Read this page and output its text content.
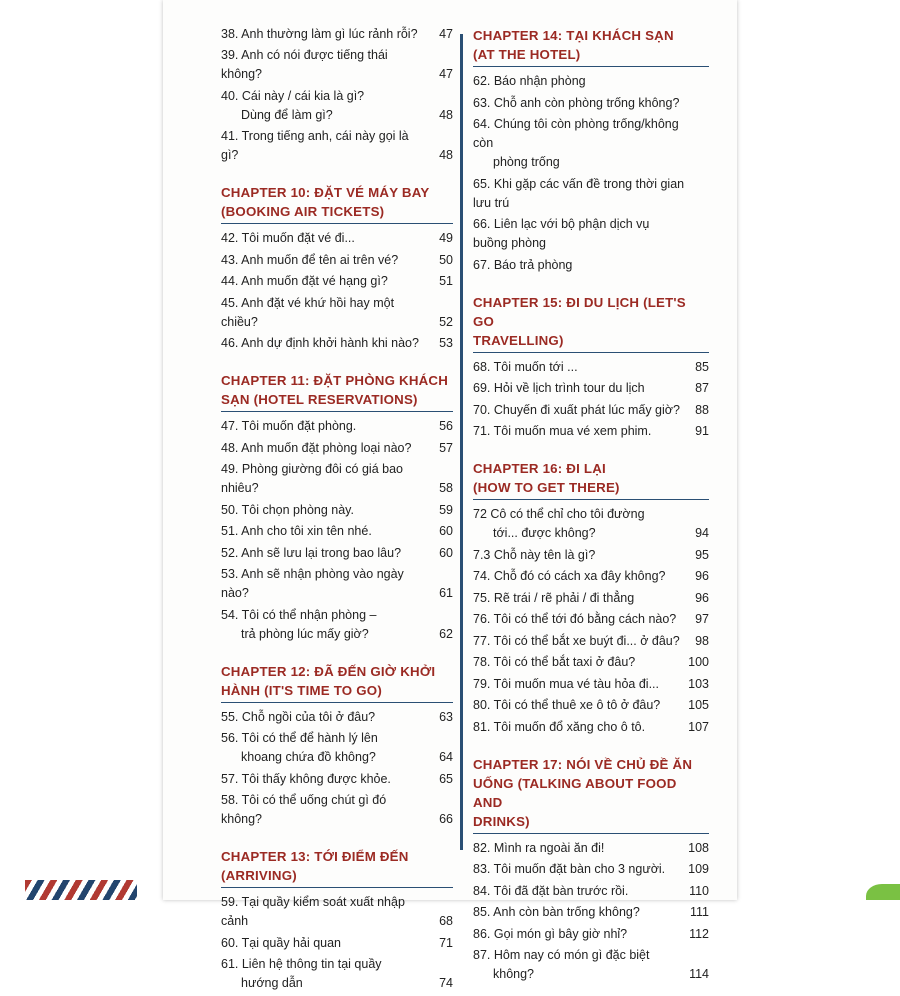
38. Anh thường làm gì lúc rảnh rỗi? 47
39. Anh có nói được tiếng thái không?	47
40. Cái này / cái kia là gì?
Dùng để làm gì?	48
41. Trong tiếng anh, cái này gọi là gì?	48
CHAPTER 10: ĐẶT VÉ MÁY BAY
(BOOKING AIR TICKETS)
42. Tôi muốn đặt vé đi...	49
43. Anh muốn để tên ai trên vé?	50
44. Anh muốn đặt vé hạng gì?	51
45. Anh đặt vé khứ hồi hay một chiều?	52
46. Anh dự định khởi hành khi nào? 53
CHAPTER 11: ĐẶT PHÒNG KHÁCH
SẠN (HOTEL RESERVATIONS)
47. Tôi muốn đặt phòng.	56
48. Anh muốn đặt phòng loại nào? 57
49. Phòng giường đôi có giá bao nhiêu?	58
50. Tôi chọn phòng này.	59
51. Anh cho tôi xin tên nhé.	60
52. Anh sẽ lưu lại trong bao lâu?	60
53. Anh sẽ nhận phòng vào ngày nào?	61
54. Tôi có thể nhận phòng –
trả phòng lúc mấy giờ?	62
CHAPTER 12: ĐÃ ĐẾN GIỜ KHỞI
HÀNH (IT'S TIME TO GO)
55. Chỗ ngồi của tôi ở đâu?	63
56. Tôi có thể để hành lý lên
khoang chứa đồ không?	64
57. Tôi thấy không được khỏe.	65
58. Tôi có thể uống chút gì đó không?	66
CHAPTER 13: TỚI ĐIỂM ĐẾN
(ARRIVING)
59. Tại quầy kiểm soát xuất nhập cảnh	68
60. Tại quầy hải quan	71
61. Liên hệ thông tin tại quầy
hướng dẫn	74
CHAPTER 14: TẠI KHÁCH SẠN
(AT THE HOTEL)
62. Báo nhận phòng
63. Chỗ anh còn phòng trống không?
64. Chúng tôi còn phòng trống/không còn
phòng trống
65. Khi gặp các vấn đề trong thời gian lưu trú
66. Liên lạc với bộ phận dịch vụ buồng phòng
67. Báo trả phòng
CHAPTER 15: ĐI DU LỊCH (LET'S GO
TRAVELLING)
68. Tôi muốn tới ...	85
69. Hỏi về lịch trình tour du lịch	87
70. Chuyến đi xuất phát lúc mấy giờ? 88
71. Tôi muốn mua vé xem phim.	91
CHAPTER 16: ĐI LẠI
(HOW TO GET THERE)
72 Cô có thể chỉ cho tôi đường
tới... được không?	94
7.3 Chỗ này tên là gì?	95
74. Chỗ đó có cách xa đây không? 96
75. Rẽ trái / rẽ phải / đi thẳng	96
76. Tôi có thể tới đó bằng cách nào? 97
77. Tôi có thể bắt xe buýt đi... ở đâu? 98
78. Tôi có thể bắt taxi ở đâu?	100
79. Tôi muốn mua vé tàu hỏa đi... 103
80. Tôi có thể thuê xe ô tô ở đâu? 105
81. Tôi muốn đổ xăng cho ô tô.	107
CHAPTER 17: NÓI VỀ CHỦ ĐỀ ĂN
UỐNG (TALKING ABOUT FOOD AND
DRINKS)
82. Mình ra ngoài ăn đi!	108
83. Tôi muốn đặt bàn cho 3 người. 109
84. Tôi đã đặt bàn trước rồi.	110
85. Anh còn bàn trống không?	111
86. Gọi món gì bây giờ nhỉ?	112
87. Hôm nay có món gì đặc biệt
không?	114
